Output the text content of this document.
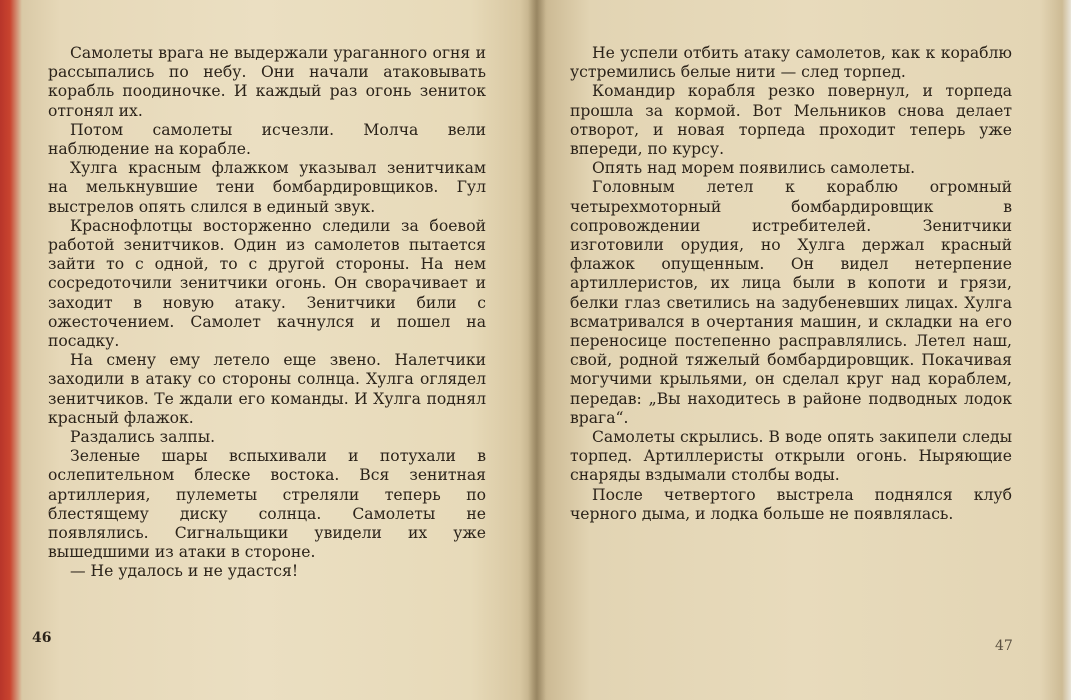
Самолеты врага не выдержали ураганного огня и рассыпались по небу. Они начали атаковывать корабль поодиночке. И каждый раз огонь зениток отгонял их.

Потом самолеты исчезли. Молча вели наблюдение на корабле.

Хулга красным флажком указывал зенитчикам на мелькнувшие тени бомбардировщиков. Гул выстрелов опять слился в единый звук.

Краснофлотцы восторженно следили за боевой работой зенитчиков. Один из самолетов пытается зайти то с одной, то с другой стороны. На нем сосредоточили зенитчики огонь. Он сворачивает и заходит в новую атаку. Зенитчики били с ожесточением. Самолет качнулся и пошел на посадку.

На смену ему летело еще звено. Налетчики заходили в атаку со стороны солнца. Хулга оглядел зенитчиков. Те ждали его команды. И Хулга поднял красный флажок.

Раздались залпы.

Зеленые шары вспыхивали и потухали в ослепительном блеске востока. Вся зенитная артиллерия, пулеметы стреляли теперь по блестящему диску солнца. Самолеты не появлялись. Сигнальщики увидели их уже вышедшими из атаки в стороне.

— Не удалось и не удастся!

46

Не успели отбить атаку самолетов, как к кораблю устремились белые нити — след торпед.

Командир корабля резко повернул, и торпеда прошла за кормой. Вот Мельников снова делает отворот, и новая торпеда проходит теперь уже впереди, по курсу.

Опять над морем появились самолеты.

Головным летел к кораблю огромный четырехмоторный бомбардировщик в сопровождении истребителей. Зенитчики изготовили орудия, но Хулга держал красный флажок опущенным. Он видел нетерпение артиллеристов, их лица были в копоти и грязи, белки глаз светились на задубеневших лицах. Хулга всматривался в очертания машин, и складки на его переносице постепенно расправлялись. Летел наш, свой, родной тяжелый бомбардировщик. Покачивая могучими крыльями, он сделал круг над кораблем, передав: „Вы находитесь в районе подводных лодок врага“.

Самолеты скрылись. В воде опять закипели следы торпед. Артиллеристы открыли огонь. Ныряющие снаряды вздымали столбы воды.

После четвертого выстрела поднялся клуб черного дыма, и лодка больше не появлялась.

47
